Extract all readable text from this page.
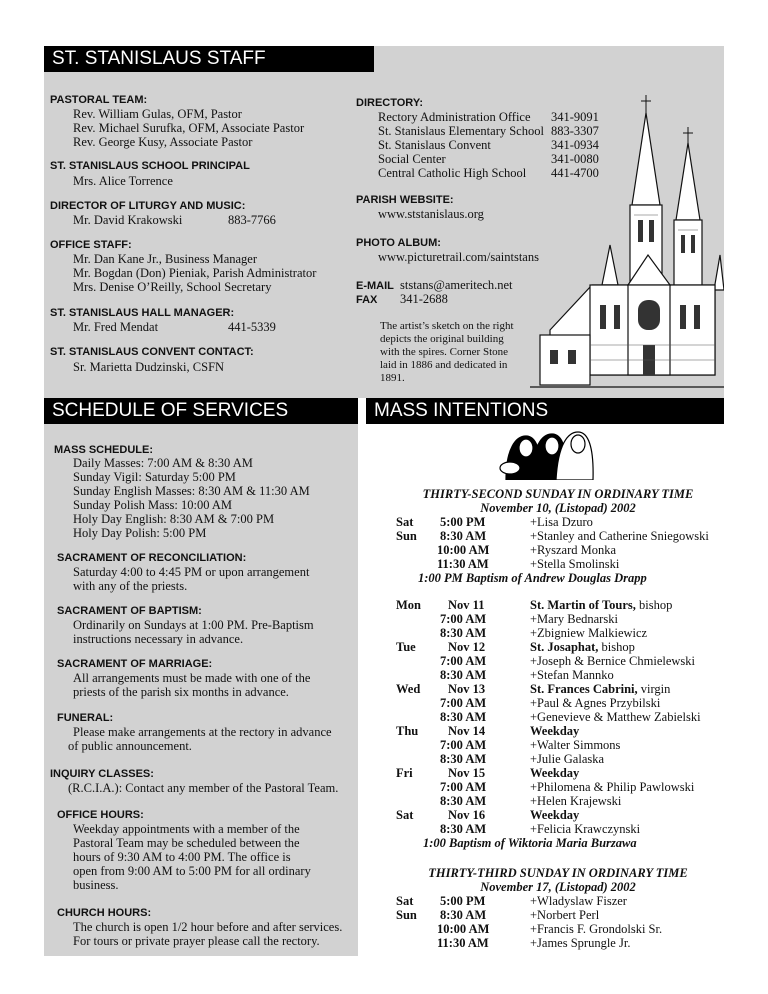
ST. STANISLAUS STAFF
PASTORAL TEAM:
Rev. William Gulas, OFM, Pastor
Rev. Michael Surufka, OFM, Associate Pastor
Rev. George Kusy, Associate Pastor
ST. STANISLAUS SCHOOL PRINCIPAL
Mrs. Alice Torrence
DIRECTOR OF LITURGY AND MUSIC:
Mr. David Krakowski	883-7766
OFFICE STAFF:
Mr. Dan Kane Jr., Business Manager
Mr. Bogdan (Don) Pieniak, Parish Administrator
Mrs. Denise O’Reilly, School Secretary
ST. STANISLAUS HALL MANAGER:
Mr. Fred Mendat	441-5339
ST. STANISLAUS CONVENT CONTACT:
Sr. Marietta Dudzinski, CSFN
DIRECTORY:
Rectory Administration Office 341-9091
St. Stanislaus Elementary School 883-3307
St. Stanislaus Convent	341-0934
Social Center	341-0080
Central Catholic High School 441-4700
PARISH WEBSITE:
www.ststanislaus.org
PHOTO ALBUM:
www.picturetrail.com/saintstans
E-MAIL ststans@ameritech.net
FAX 341-2688
The artist’s sketch on the right
depicts the original building
with the spires. Corner Stone
laid in 1886 and dedicated in
1891.
SCHEDULE OF SERVICES
MASS SCHEDULE:
Daily Masses: 7:00 AM & 8:30 AM
Sunday Vigil: Saturday 5:00 PM
Sunday English Masses: 8:30 AM & 11:30 AM
Sunday Polish Mass: 10:00 AM
Holy Day English: 8:30 AM & 7:00 PM
Holy Day Polish: 5:00 PM
SACRAMENT OF RECONCILIATION:
Saturday 4:00 to 4:45 PM or upon arrangement
with any of the priests.
SACRAMENT OF BAPTISM:
Ordinarily on Sundays at 1:00 PM. Pre-Baptism
instructions necessary in advance.
SACRAMENT OF MARRIAGE:
All arrangements must be made with one of the
priests of the parish six months in advance.
FUNERAL:
Please make arrangements at the rectory in advance
of public announcement.
INQUIRY CLASSES:
(R.C.I.A.): Contact any member of the Pastoral Team.
OFFICE HOURS:
Weekday appointments with a member of the
Pastoral Team may be scheduled between the
hours of 9:30 AM to 4:00 PM. The office is
open from 9:00 AM to 5:00 PM for all ordinary
business.
CHURCH HOURS:
The church is open 1/2 hour before and after services.
For tours or private prayer please call the rectory.
MASS INTENTIONS
THIRTY-SECOND SUNDAY IN ORDINARY TIME
November 10, (Listopad) 2002
Sat 5:00 PM	+Lisa Dzuro
Sun 8:30 AM	+Stanley and Catherine Sniegowski
10:00 AM	+Ryszard Monka
11:30 AM	+Stella Smolinski
1:00 PM Baptism of Andrew Douglas Drapp
Mon Nov 11	St. Martin of Tours, bishop
7:00 AM	+Mary Bednarski
8:30 AM	+Zbigniew Malkiewicz
Tue	Nov 12	St. Josaphat, bishop
7:00 AM	+Joseph & Bernice Chmielewski
8:30 AM	+Stefan Mannko
Wed Nov 13	St. Frances Cabrini, virgin
7:00 AM	+Paul & Agnes Przybilski
8:30 AM	+Genevieve & Matthew Zabielski
Thu Nov 14	Weekday
7:00 AM	+Walter Simmons
8:30 AM	+Julie Galaska
Fri	Nov 15	Weekday
7:00 AM	+Philomena & Philip Pawlowski
8:30 AM	+Helen Krajewski
Sat	Nov 16	Weekday
8:30 AM	+Felicia Krawczynski
1:00 Baptism of Wiktoria Maria Burzawa
THIRTY-THIRD SUNDAY IN ORDINARY TIME
November 17, (Listopad) 2002
Sat 5:00 PM	+Wladyslaw Fiszer
Sun 8:30 AM	+Norbert Perl
10:00 AM	+Francis F. Grondolski Sr.
11:30 AM	+James Sprungle Jr.
